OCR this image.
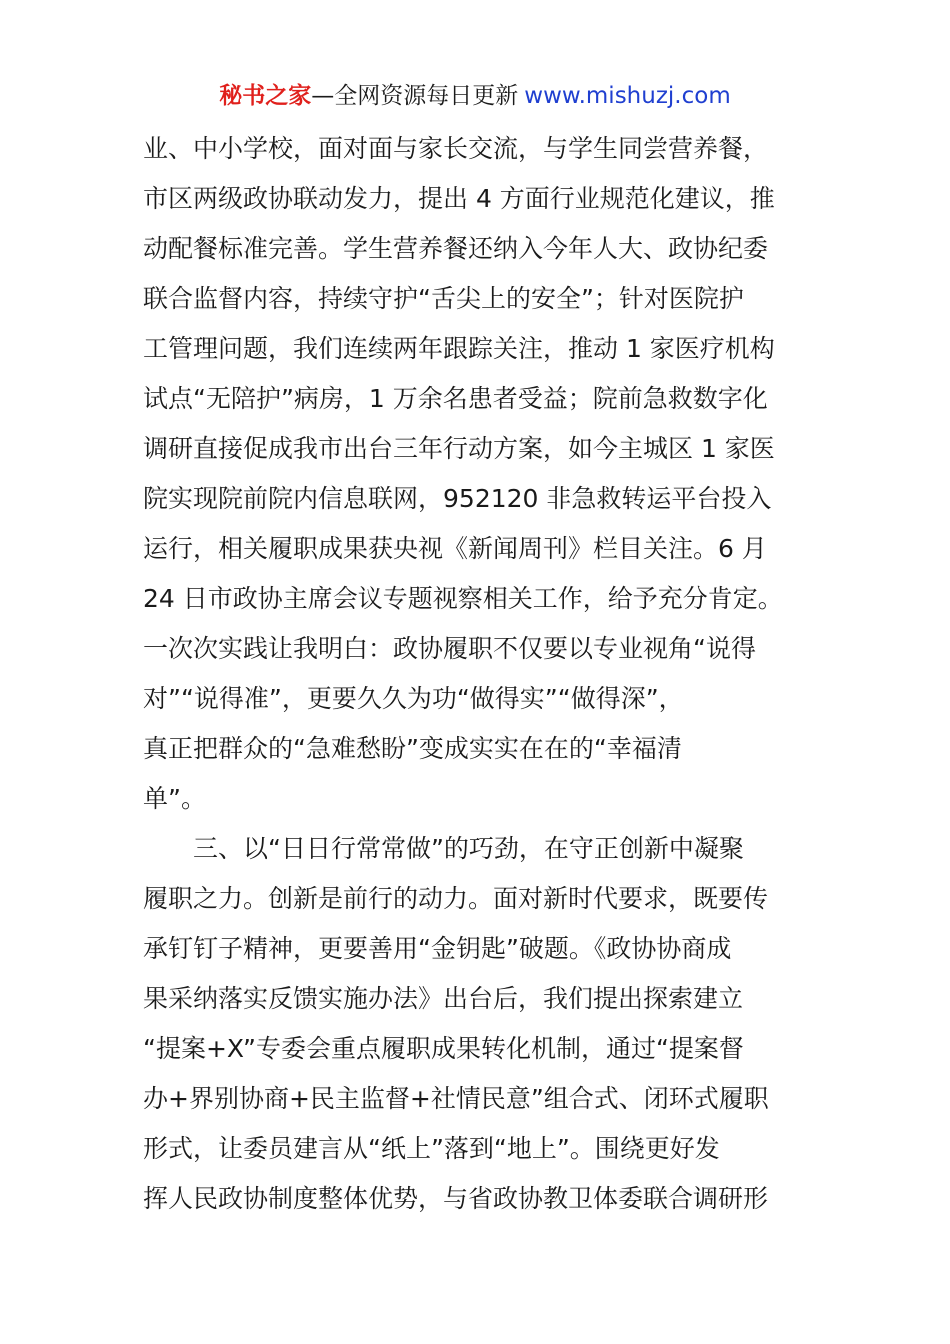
秘书之家—全网资源每日更新 www.mishuzj.com
业、中小学校，面对面与家长交流，与学生同尝营养餐，
市区两级政协联动发力，提出 4 方面行业规范化建议，推
动配餐标准完善。学生营养餐还纳入今年人大、政协纪委
联合监督内容，持续守护“舌尖上的安全”；针对医院护
工管理问题，我们连续两年跟踪关注，推动 1 家医疗机构
试点“无陪护”病房，1 万余名患者受益；院前急救数字化
调研直接促成我市出台三年行动方案，如今主城区 1 家医
院实现院前院内信息联网，952120 非急救转运平台投入
运行，相关履职成果获央视《新闻周刊》栏目关注。6 月
24 日市政协主席会议专题视察相关工作，给予充分肯定。
一次次实践让我明白：政协履职不仅要以专业视角“说得
对”“说得准”，更要久久为功“做得实”“做得深”，
真正把群众的“急难愁盼”变成实实在在的“幸福清
单”。
　　三、以“日日行常常做”的巧劲，在守正创新中凝聚
履职之力。创新是前行的动力。面对新时代要求，既要传
承钉钉子精神，更要善用“金钥匙”破题。《政协协商成
果采纳落实反馈实施办法》出台后，我们提出探索建立
“提案+X”专委会重点履职成果转化机制，通过“提案督
办+界别协商+民主监督+社情民意”组合式、闭环式履职
形式，让委员建言从“纸上”落到“地上”。围绕更好发
挥人民政协制度整体优势，与省政协教卫体委联合调研形
